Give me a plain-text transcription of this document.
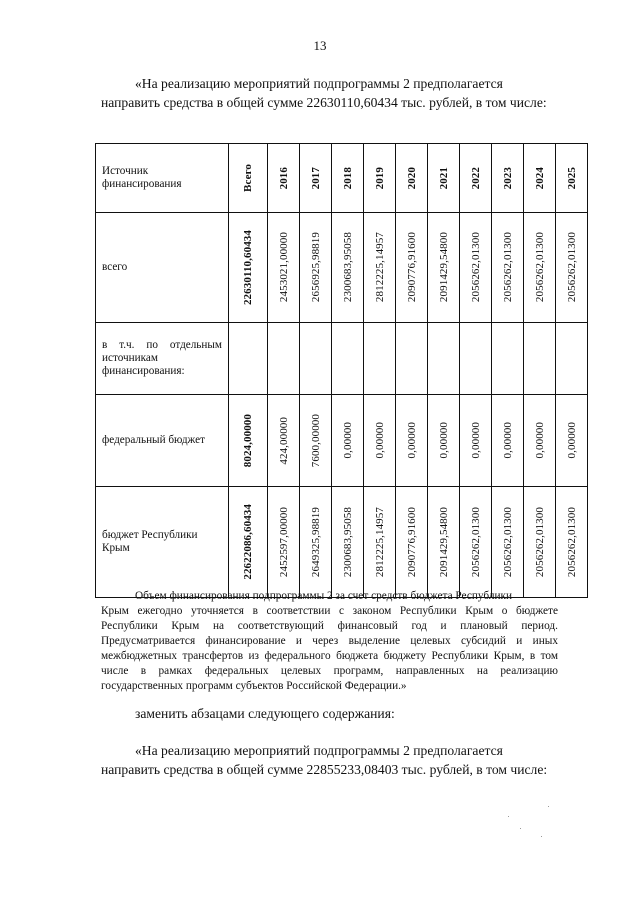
13

«На реализацию мероприятий подпрограммы 2 предполагается
направить средства в общей сумме 22630110,60434 тыс. рублей, в том числе:

Источник финансирования	Всего	2016	2017	2018	2019	2020	2021	2022	2023	2024	2025

всего	22630110,60434	2453021,00000	2656925,98819	2300683,95058	2812225,14957	2090776,91600	2091429,54800	2056262,01300	2056262,01300	2056262,01300	2056262,01300

в т.ч. по отдельным источникам финансирования:											
федеральный бюджет	8024,00000	424,00000	7600,00000	0,00000	0,00000	0,00000	0,00000	0,00000	0,00000	0,00000	0,00000

бюджет Республики Крым	22622086,60434	2452597,00000	2649325,98819	2300683,95058	2812225,14957	2090776,91600	2091429,54800	2056262,01300	2056262,01300	2056262,01300	2056262,01300

Объем финансирования подпрограммы 2 за счет средств бюджета Республики
Крым ежегодно уточняется в соответствии с законом Республики Крым о бюджете Республики Крым на соответствующий финансовый год и плановый период. Предусматривается финансирование и через выделение целевых субсидий и иных межбюджетных трансфертов из федерального бюджета бюджету Республики Крым, в том числе в рамках федеральных целевых программ, направленных на реализацию государственных программ субъектов Российской Федерации.»

заменить абзацами следующего содержания:

«На реализацию мероприятий подпрограммы 2 предполагается
направить средства в общей сумме 22855233,08403 тыс. рублей, в том числе:
